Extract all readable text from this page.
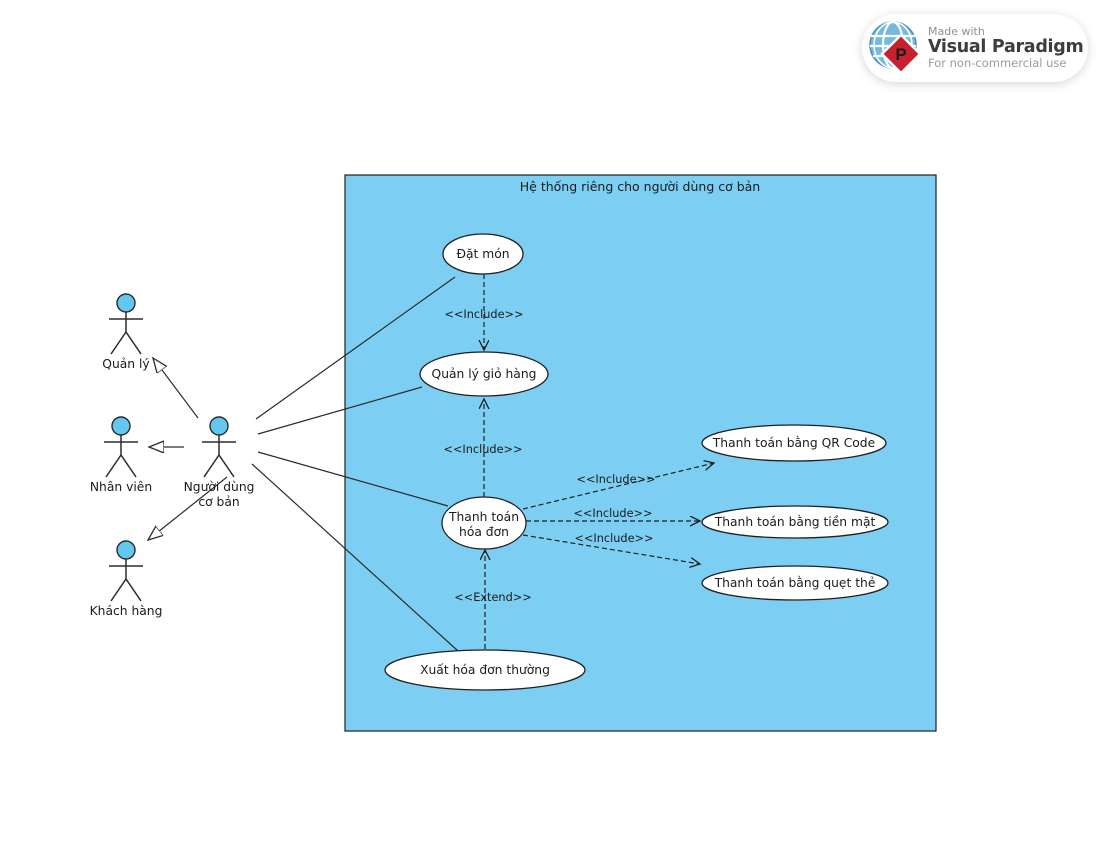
Hệ thống riêng cho người dùng cơ bản
<<Include>>
<<Include>>
<<Include>>
<<Include>>
<<Include>>
<<Extend>>
Đặt món
Quản lý giỏ hàng
Thanh toán
hóa đơn
Thanh toán bằng QR Code
Thanh toán bằng tiền mặt
Thanh toán bằng quẹt thẻ
Xuất hóa đơn thường
Quản lý
Nhân viên	Người dùng
cơ bản
Khách hàng
P
Made with
Visual Paradigm
For non-commercial use
